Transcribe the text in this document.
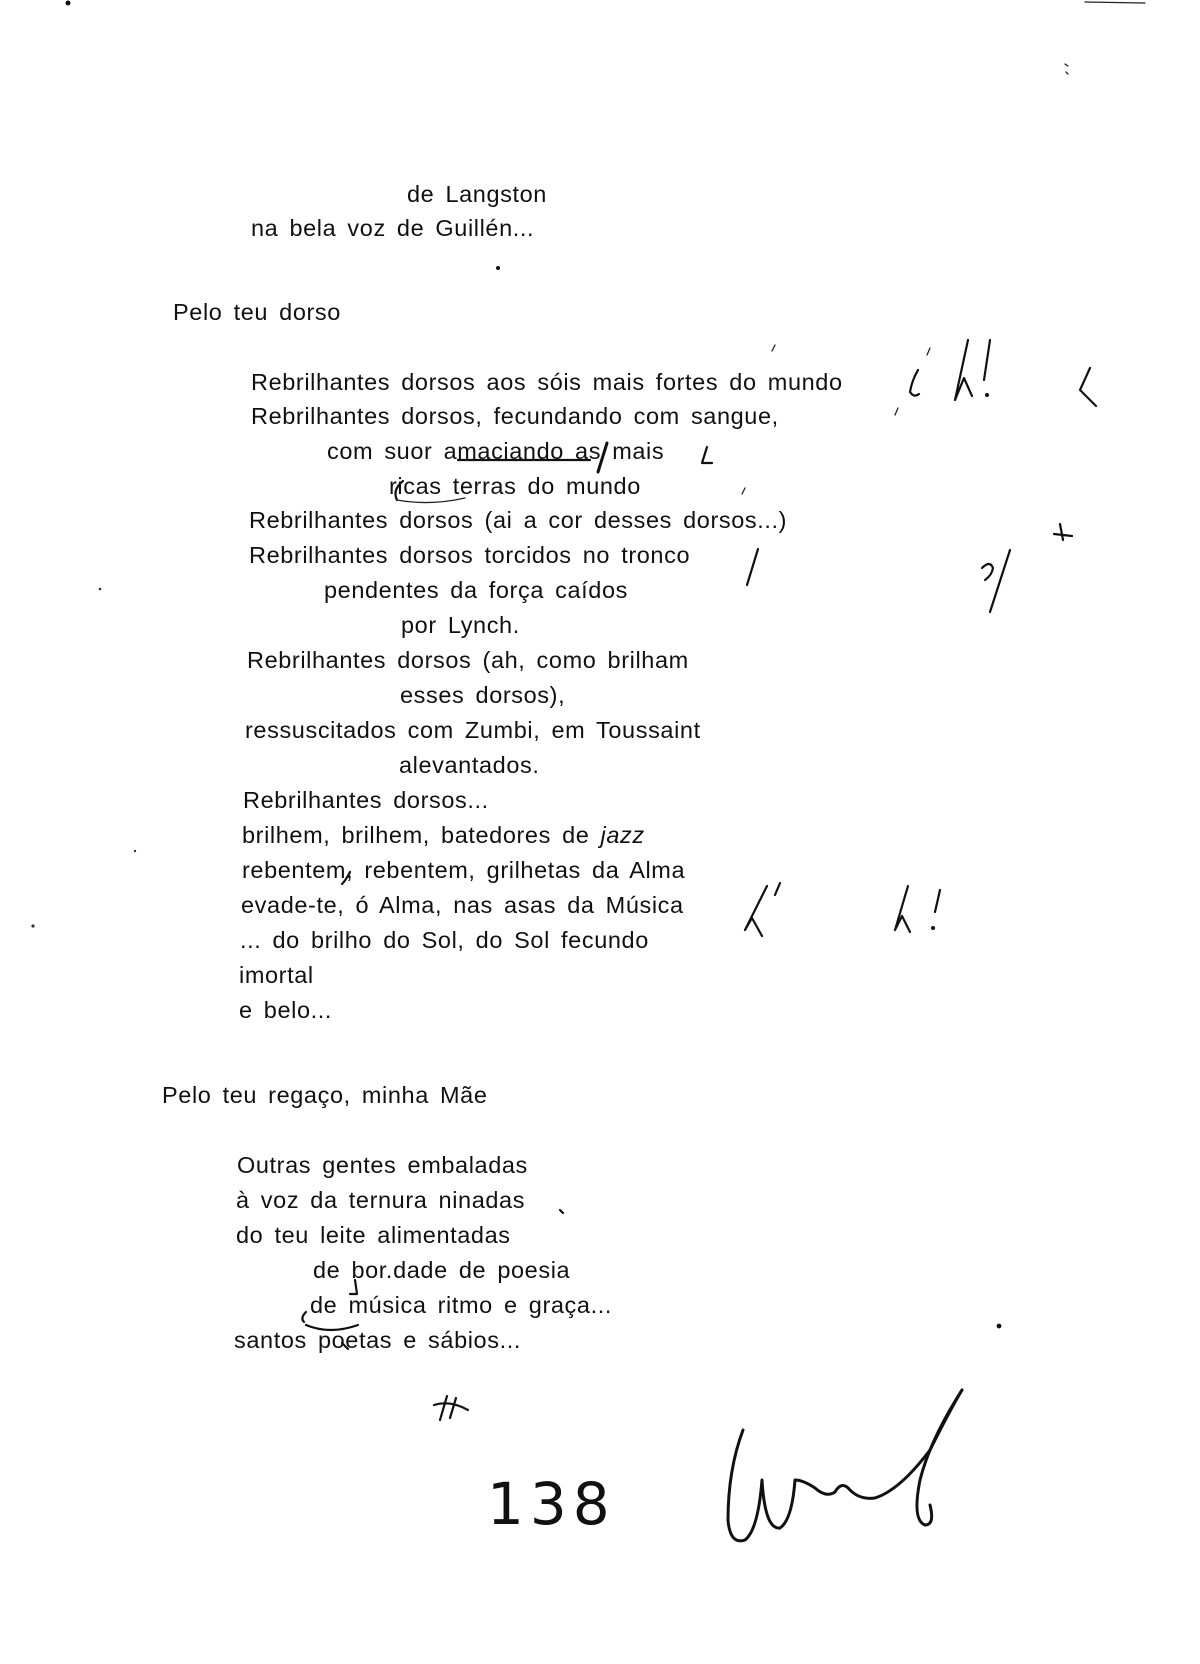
de Langston
na bela voz de Guillén...
Pelo teu dorso
Rebrilhantes dorsos aos sóis mais fortes do mundo
Rebrilhantes dorsos, fecundando com sangue,
com suor amaciando as mais
ricas terras do mundo
Rebrilhantes dorsos (ai a cor desses dorsos...)
Rebrilhantes dorsos torcidos no tronco
pendentes da força caídos
por Lynch.
Rebrilhantes dorsos (ah, como brilham
esses dorsos),
ressuscitados com Zumbi, em Toussaint
alevantados.
Rebrilhantes dorsos...
brilhem, brilhem, batedores de jazz
rebentem, rebentem, grilhetas da Alma
evade-te, ó Alma, nas asas da Música
... do brilho do Sol, do Sol fecundo
imortal
e belo...
Pelo teu regaço, minha Mãe
Outras gentes embaladas
à voz da ternura ninadas
do teu leite alimentadas
de bor.dade de poesia
de música ritmo e graça...
santos poetas e sábios...
138
